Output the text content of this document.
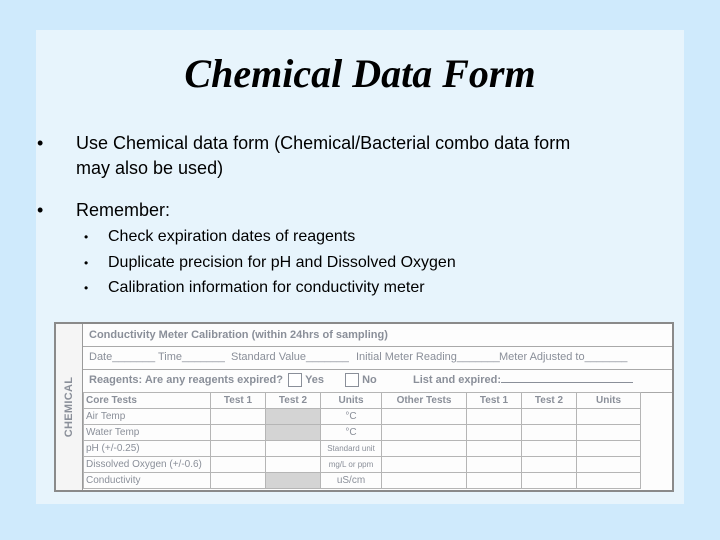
Chemical Data Form
• Use Chemical data form (Chemical/Bacterial combo data form
may also be used)
• Remember:
• Check expiration dates of reagents
• Duplicate precision for pH and Dissolved Oxygen
• Calibration information for conductivity meter
CHEMICAL
Conductivity Meter Calibration (within 24hrs of sampling)
Date_______ Time_______ Standard Value_______ Initial Meter Reading_______ Meter Adjusted to_______
Reagents: Are any reagents expired?	Yes	No	List and expired:
Core Tests	Test 1	Test 2	Units	Other Tests	Test 1	Test 2	Units
Air Temp			°C				
Water Temp			°C				
pH (+/-0.25)			Standard unit				
Dissolved Oxygen (+/-0.6)			mg/L or ppm				
Conductivity			uS/cm				
